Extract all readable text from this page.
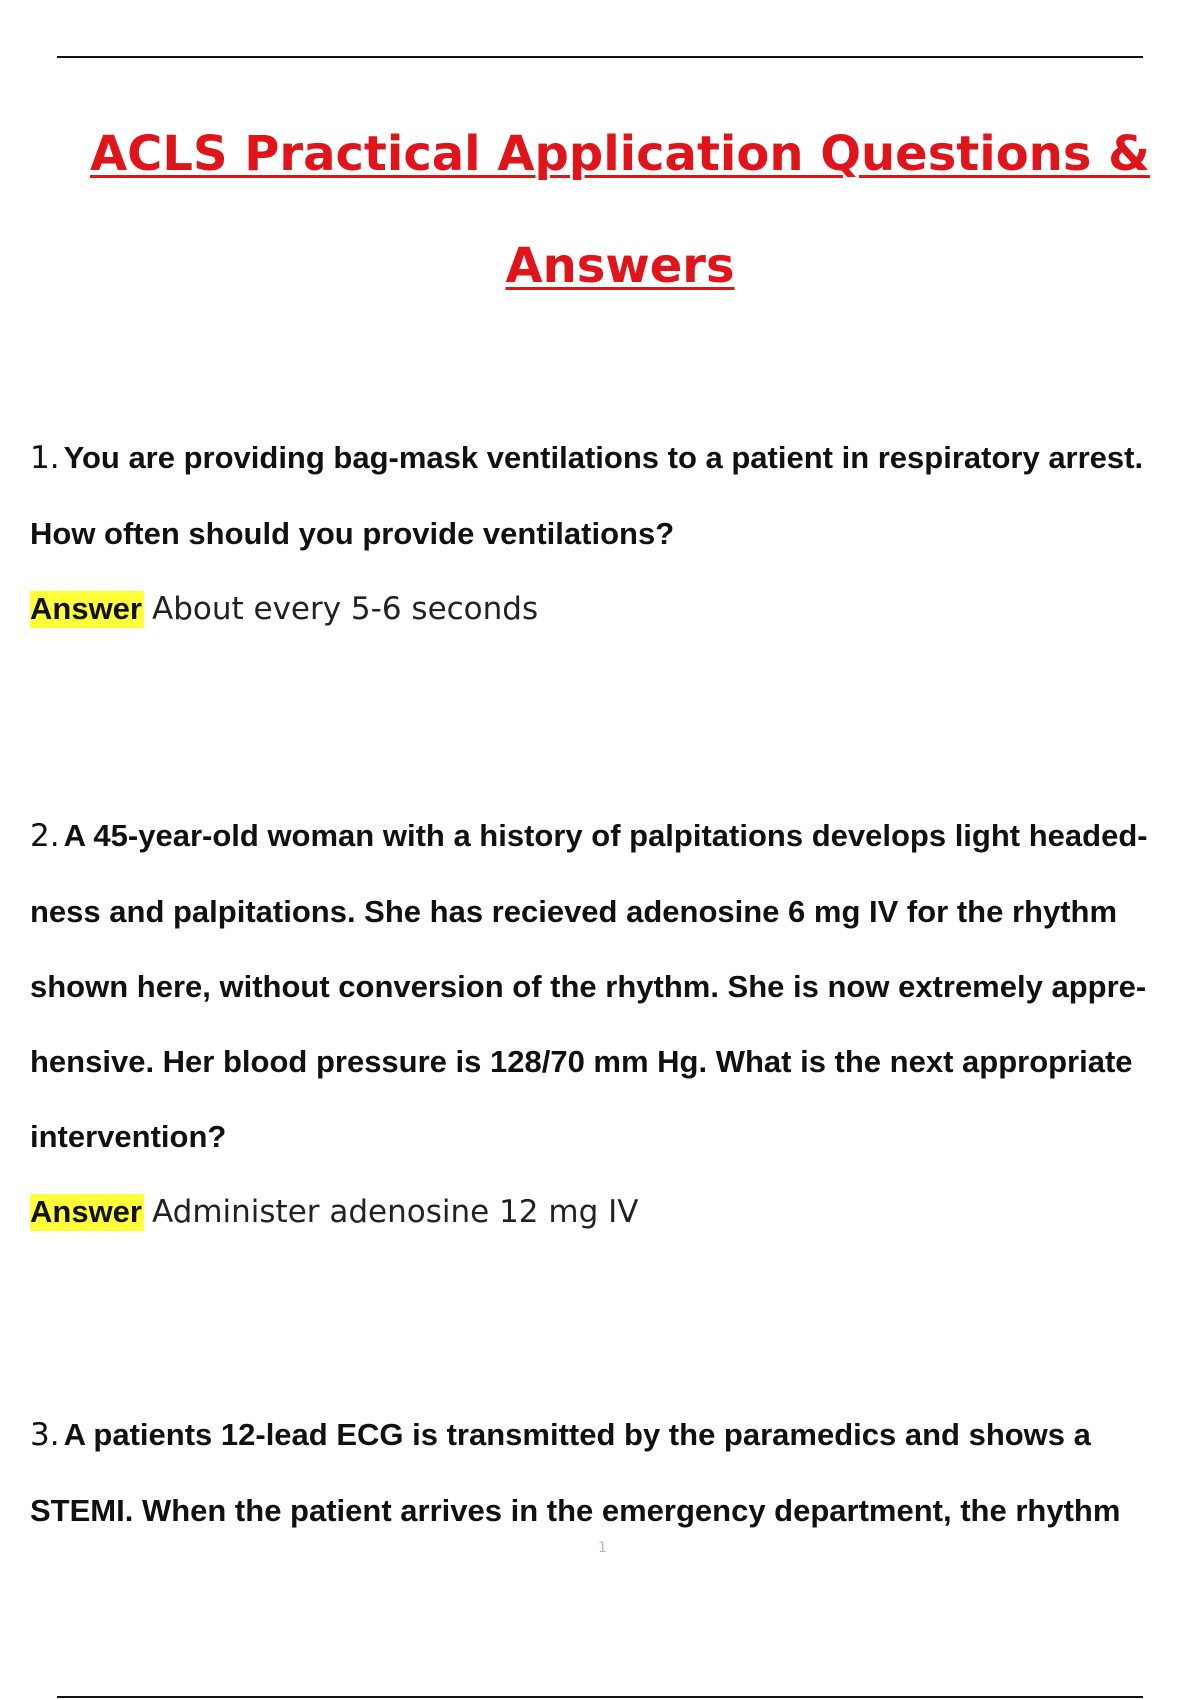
ACLS Practical Application Questions & Answers

1. You are providing bag-mask ventilations to a patient in respiratory arrest. How often should you provide ventilations?

Answer About every 5-6 seconds

2. A 45-year-old woman with a history of palpitations develops light headed- ness and palpitations. She has recieved adenosine 6 mg IV for the rhythm shown here, without conversion of the rhythm. She is now extremely appre- hensive. Her blood pressure is 128/70 mm Hg. What is the next appropriate intervention?

Answer Administer adenosine 12 mg IV

3. A patients 12-lead ECG is transmitted by the paramedics and shows a STEMI. When the patient arrives in the emergency department, the rhythm

1
